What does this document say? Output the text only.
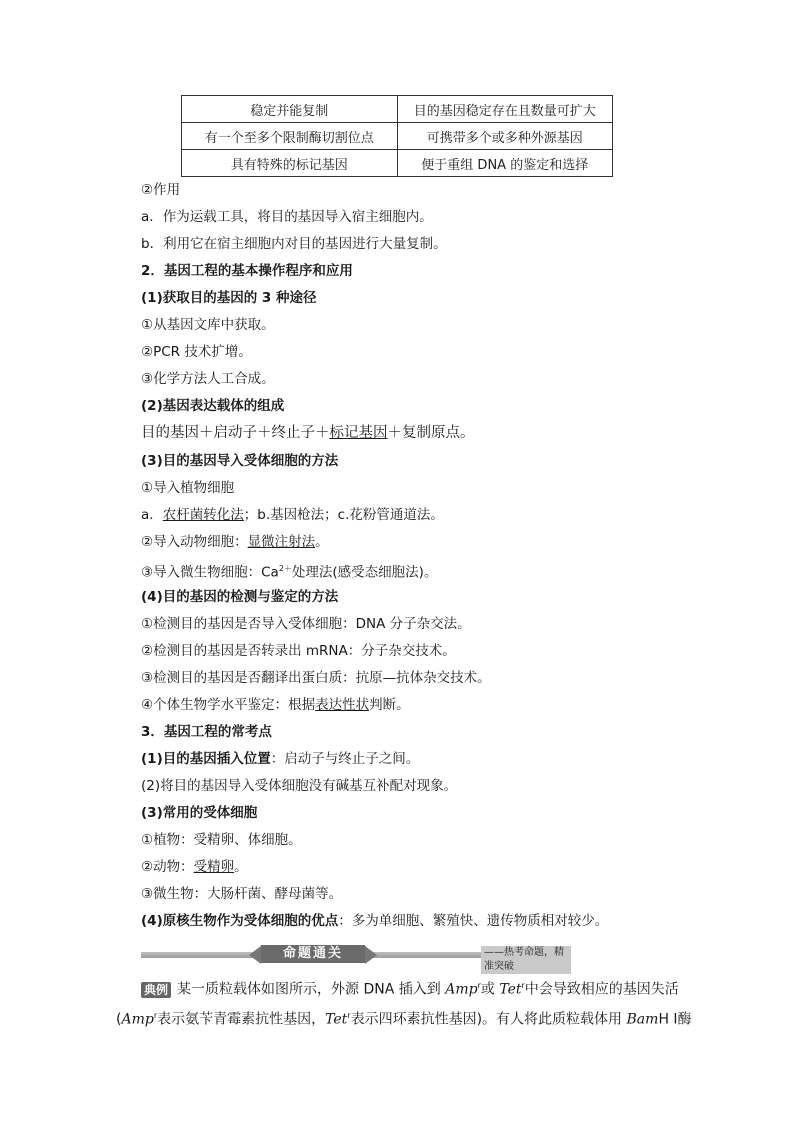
稳定并能复制	目的基因稳定存在且数量可扩大
有一个至多个限制酶切割位点	可携带多个或多种外源基因
具有特殊的标记基因	便于重组 DNA 的鉴定和选择
②作用
a．作为运载工具，将目的基因导入宿主细胞内。
b．利用它在宿主细胞内对目的基因进行大量复制。
2．基因工程的基本操作程序和应用
(1)获取目的基因的 3 种途径
①从基因文库中获取。
②PCR 技术扩增。
③化学方法人工合成。
(2)基因表达载体的组成
目的基因＋启动子＋终止子＋标记基因＋复制原点。
(3)目的基因导入受体细胞的方法
①导入植物细胞
a．农杆菌转化法；b.基因枪法；c.花粉管通道法。
②导入动物细胞：显微注射法。
③导入微生物细胞：$Ca^{2+}$处理法(感受态细胞法)。
(4)目的基因的检测与鉴定的方法
①检测目的基因是否导入受体细胞：DNA 分子杂交法。
②检测目的基因是否转录出 mRNA：分子杂交技术。
③检测目的基因是否翻译出蛋白质：抗原—抗体杂交技术。
④个体生物学水平鉴定：根据表达性状判断。
3．基因工程的常考点
(1)目的基因插入位置：启动子与终止子之间。
(2)将目的基因导入受体细胞没有碱基互补配对现象。
(3)常用的受体细胞
①植物：受精卵、体细胞。
②动物：受精卵。
③微生物：大肠杆菌、酵母菌等。
(4)原核生物作为受体细胞的优点：多为单细胞、繁殖快、遗传物质相对较少。
命题通关	——热考命题，精准突破
典例 某一质粒载体如图所示，外源 DNA 插入到 Amp$^r$或 Tet$^r$中会导致相应的基因失活
(Amp$^r$表示氨苄青霉素抗性基因，Tet$^r$表示四环素抗性基因)。有人将此质粒载体用 BamH Ⅰ酶
